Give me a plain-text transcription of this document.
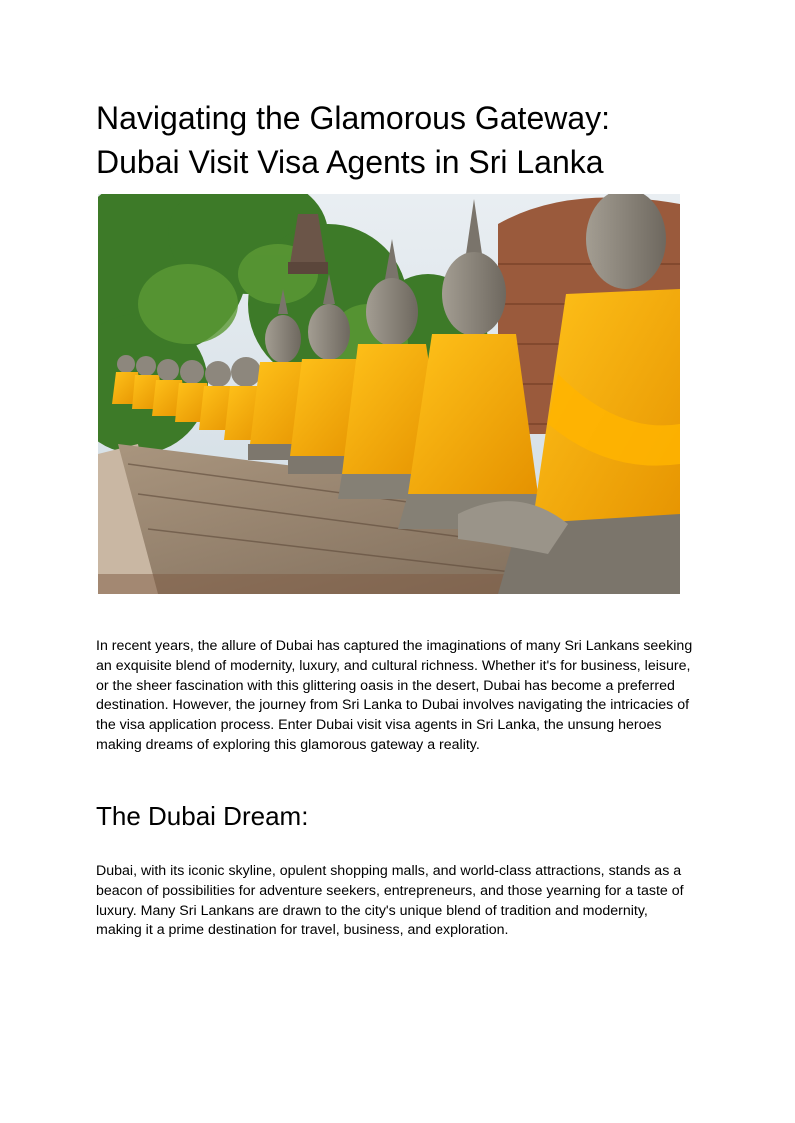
Navigating the Glamorous Gateway: Dubai Visit Visa Agents in Sri Lanka

In recent years, the allure of Dubai has captured the imaginations of many Sri Lankans seeking an exquisite blend of modernity, luxury, and cultural richness. Whether it's for business, leisure, or the sheer fascination with this glittering oasis in the desert, Dubai has become a preferred destination. However, the journey from Sri Lanka to Dubai involves navigating the intricacies of the visa application process. Enter Dubai visit visa agents in Sri Lanka, the unsung heroes making dreams of exploring this glamorous gateway a reality.

The Dubai Dream:

Dubai, with its iconic skyline, opulent shopping malls, and world-class attractions, stands as a beacon of possibilities for adventure seekers, entrepreneurs, and those yearning for a taste of luxury. Many Sri Lankans are drawn to the city's unique blend of tradition and modernity, making it a prime destination for travel, business, and exploration.
